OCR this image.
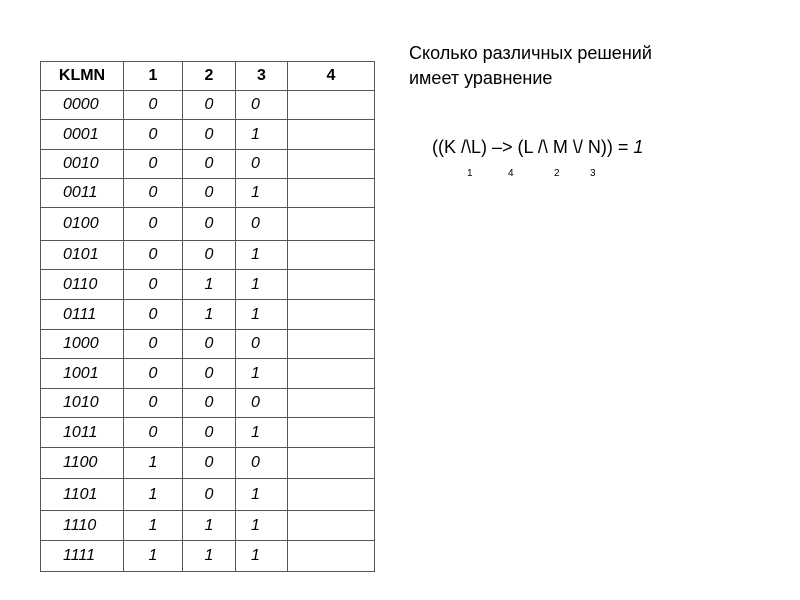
KLMN	1	2	3	4
0000	0	0	0	
0001	0	0	1	
0010	0	0	0	
0011	0	0	1	
0100	0	0	0	
0101	0	0	1	
0110	0	1	1	
0111	0	1	1	
1000	0	0	0	
1001	0	0	1	
1010	0	0	0	
1011	0	0	1	
1100	1	0	0	
1101	1	0	1	
1110	1	1	1	
1111	1	1	1	

Сколько различных решений
имеет уравнение

((K /\L) –> (L /\ M \/ N)) = 1
1	4	2	3
